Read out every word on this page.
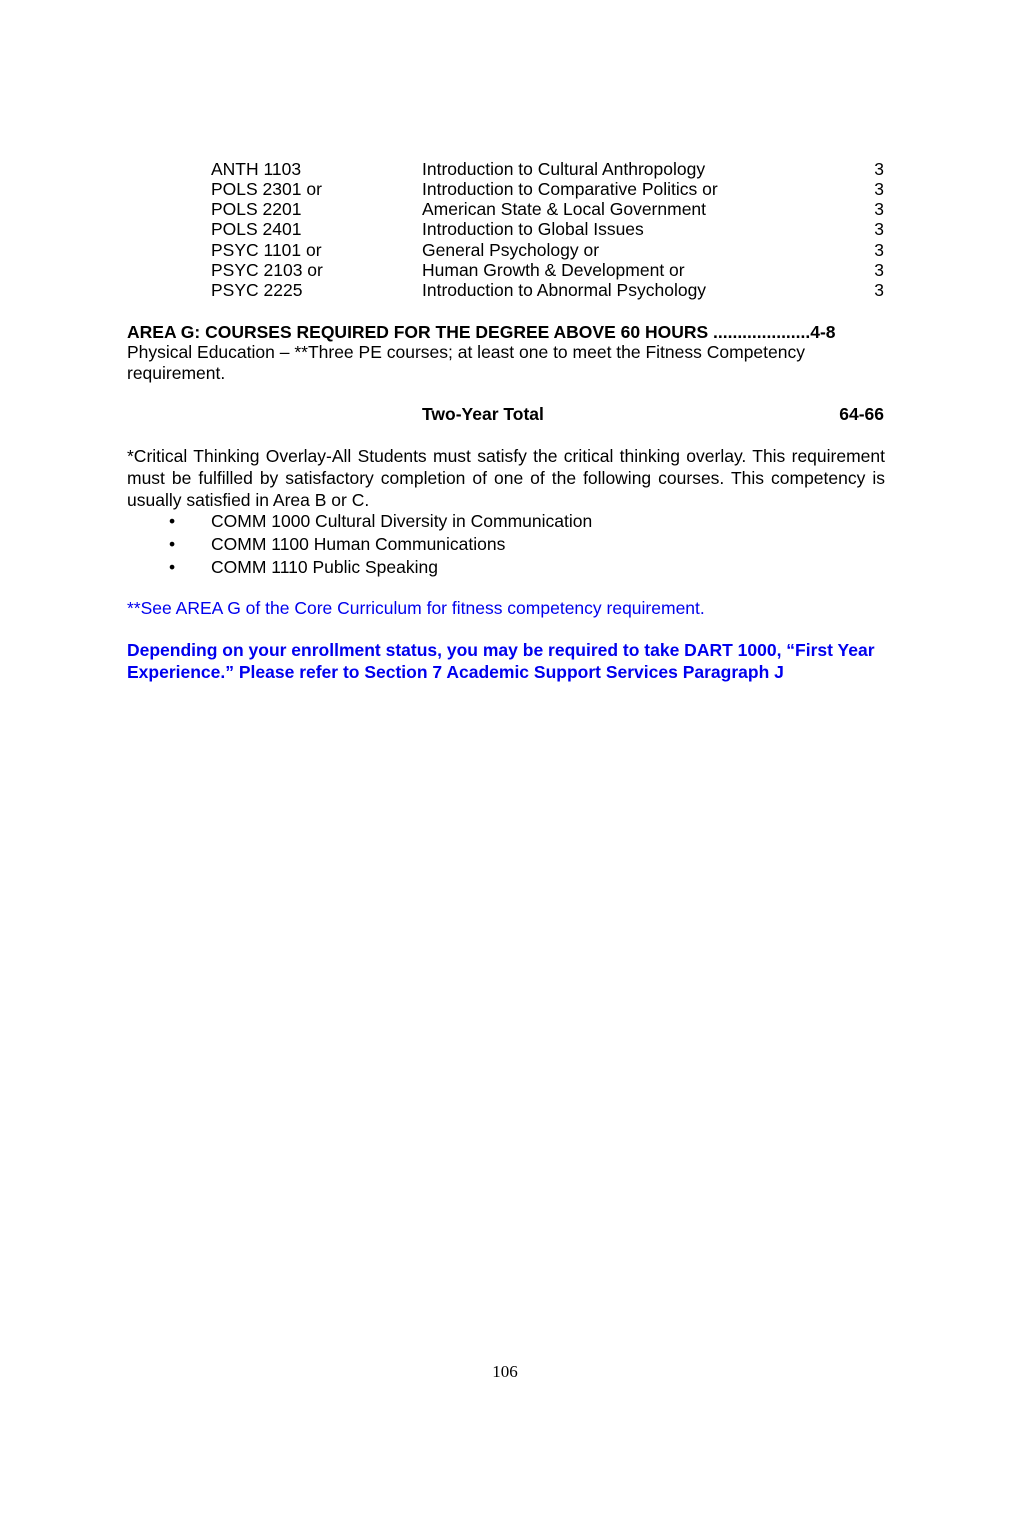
ANTH 1103	Introduction to Cultural Anthropology	3
POLS 2301 or	Introduction to Comparative Politics or	3
POLS 2201	American State & Local Government	3
POLS 2401	Introduction to Global Issues	3
PSYC 1101 or	General Psychology or	3
PSYC 2103 or	Human Growth & Development or	3
PSYC 2225	Introduction to Abnormal Psychology	3
AREA G: COURSES REQUIRED FOR THE DEGREE ABOVE 60 HOURS ....................4-8
Physical Education – **Three PE courses; at least one to meet the Fitness Competency requirement.
Two-Year Total	64-66
*Critical Thinking Overlay-All Students must satisfy the critical thinking overlay. This requirement must be fulfilled by satisfactory completion of one of the following courses. This competency is usually satisfied in Area B or C.
• COMM 1000 Cultural Diversity in Communication
• COMM 1100 Human Communications
• COMM 1110 Public Speaking
**See AREA G of the Core Curriculum for fitness competency requirement.
Depending on your enrollment status, you may be required to take DART 1000, “First Year Experience.” Please refer to Section 7 Academic Support Services Paragraph J
106
